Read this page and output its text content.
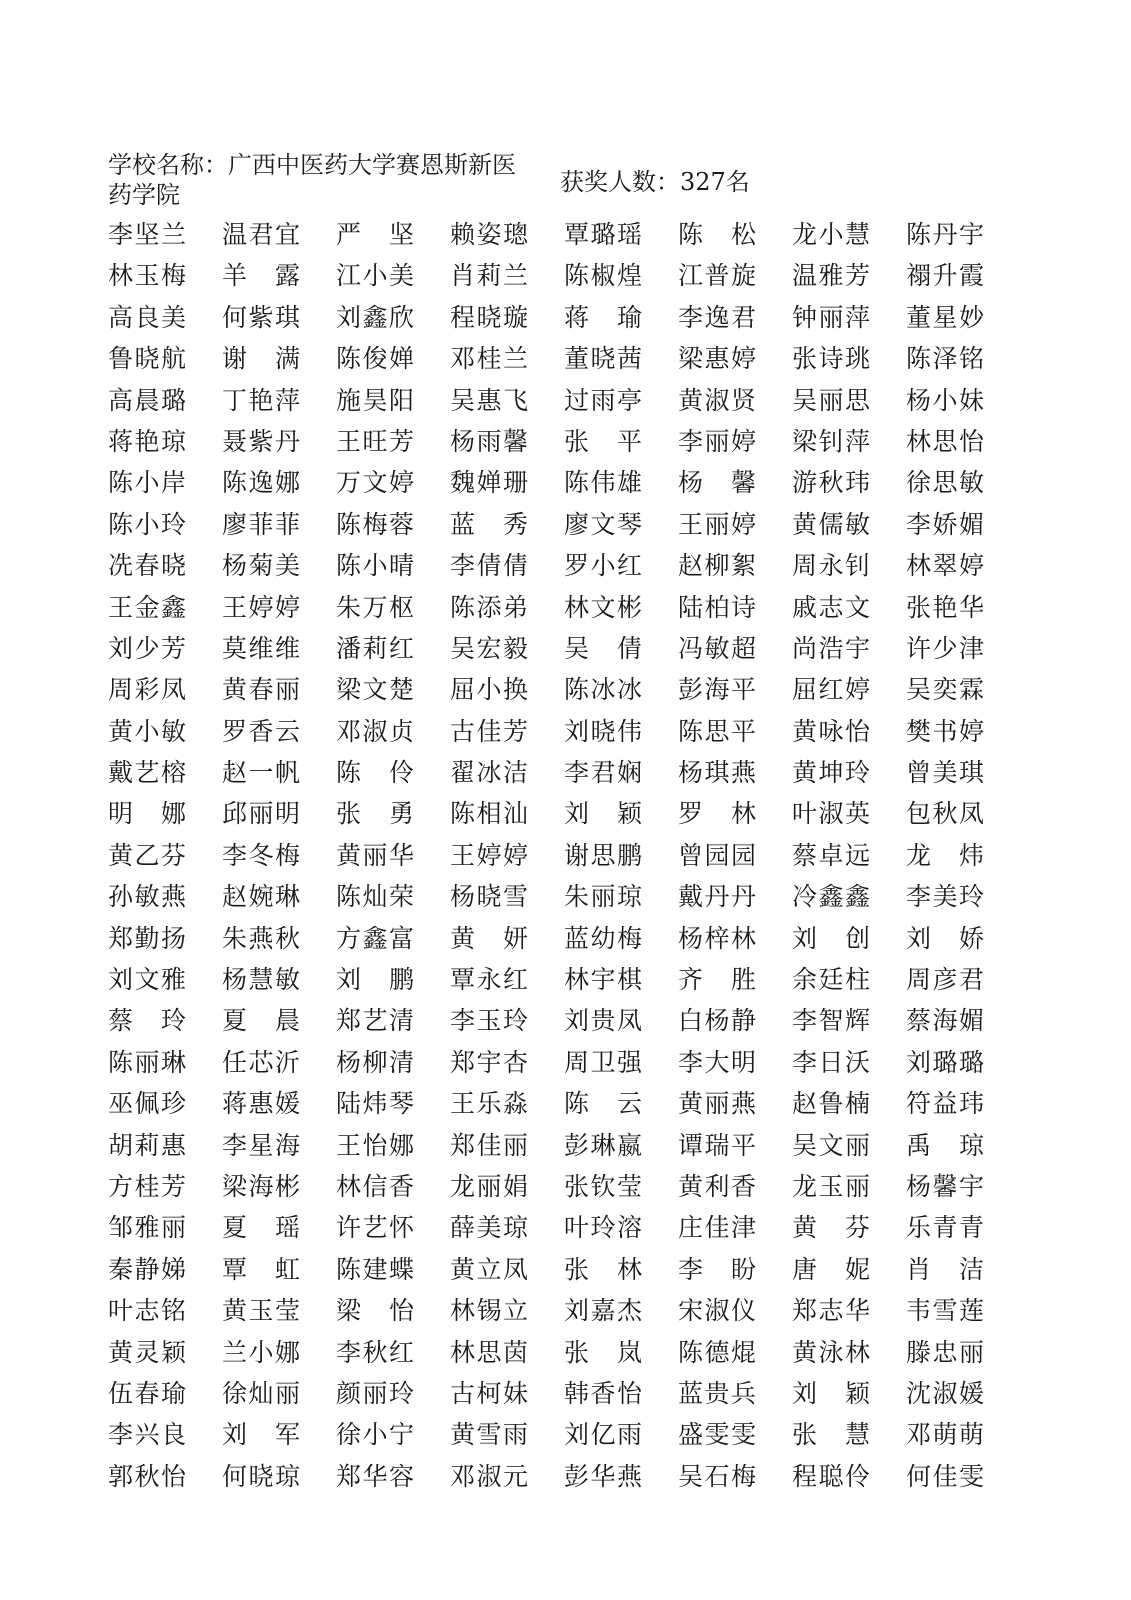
学校名称：广西中医药大学赛恩斯新医
药学院	获奖人数：327名
李坚兰 温君宜 严　坚 赖姿璁 覃璐瑶 陈　松 龙小慧 陈丹宇
林玉梅 羊　露 江小美 肖莉兰 陈椒煌 江普旋 温雅芳 禤升霞
高良美 何紫琪 刘鑫欣 程晓璇 蒋　瑜 李逸君 钟丽萍 董星妙
鲁晓航 谢　满 陈俊婵 邓桂兰 董晓茜 梁惠婷 张诗珧 陈泽铭
高晨璐 丁艳萍 施昊阳 吴惠飞 过雨亭 黄淑贤 吴丽思 杨小妹
蒋艳琼 聂紫丹 王旺芳 杨雨馨 张　平 李丽婷 梁钊萍 林思怡
陈小岸 陈逸娜 万文婷 魏婵珊 陈伟雄 杨　馨 游秋玮 徐思敏
陈小玲 廖菲菲 陈梅蓉 蓝　秀 廖文琴 王丽婷 黄儒敏 李娇媚
冼春晓 杨菊美 陈小晴 李倩倩 罗小红 赵柳絮 周永钊 林翠婷
王金鑫 王婷婷 朱万枢 陈添弟 林文彬 陆柏诗 戚志文 张艳华
刘少芳 莫维维 潘莉红 吴宏毅 吴　倩 冯敏超 尚浩宇 许少津
周彩凤 黄春丽 梁文楚 屈小换 陈冰冰 彭海平 屈红婷 吴奕霖
黄小敏 罗香云 邓淑贞 古佳芳 刘晓伟 陈思平 黄咏怡 樊书婷
戴艺榕 赵一帆 陈　伶 翟冰洁 李君娴 杨琪燕 黄坤玲 曾美琪
明　娜 邱丽明 张　勇 陈相汕 刘　颖 罗　林 叶淑英 包秋凤
黄乙芬 李冬梅 黄丽华 王婷婷 谢思鹏 曾园园 蔡卓远 龙　炜
孙敏燕 赵婉琳 陈灿荣 杨晓雪 朱丽琼 戴丹丹 冷鑫鑫 李美玲
郑勤扬 朱燕秋 方鑫富 黄　妍 蓝幼梅 杨梓林 刘　创 刘　娇
刘文雅 杨慧敏 刘　鹏 覃永红 林宇棋 齐　胜 余廷柱 周彦君
蔡　玲 夏　晨 郑艺清 李玉玲 刘贵凤 白杨静 李智辉 蔡海媚
陈丽琳 任芯沂 杨柳清 郑宇杏 周卫强 李大明 李日沃 刘璐璐
巫佩珍 蒋惠媛 陆炜琴 王乐淼 陈　云 黄丽燕 赵鲁楠 符益玮
胡莉惠 李星海 王怡娜 郑佳丽 彭琳嬴 谭瑞平 吴文丽 禹　琼
方桂芳 梁海彬 林信香 龙丽娟 张钦莹 黄利香 龙玉丽 杨馨宇
邹雅丽 夏　瑶 许艺怀 薛美琼 叶玲溶 庄佳津 黄　芬 乐青青
秦静娣 覃　虹 陈建蝶 黄立凤 张　林 李　盼 唐　妮 肖　洁
叶志铭 黄玉莹 梁　怡 林锡立 刘嘉杰 宋淑仪 郑志华 韦雪莲
黄灵颖 兰小娜 李秋红 林思茵 张　岚 陈德焜 黄泳林 滕忠丽
伍春瑜 徐灿丽 颜丽玲 古柯妹 韩香怡 蓝贵兵 刘　颖 沈淑媛
李兴良 刘　军 徐小宁 黄雪雨 刘亿雨 盛雯雯 张　慧 邓萌萌
郭秋怡 何晓琼 郑华容 邓淑元 彭华燕 吴石梅 程聪伶 何佳雯
